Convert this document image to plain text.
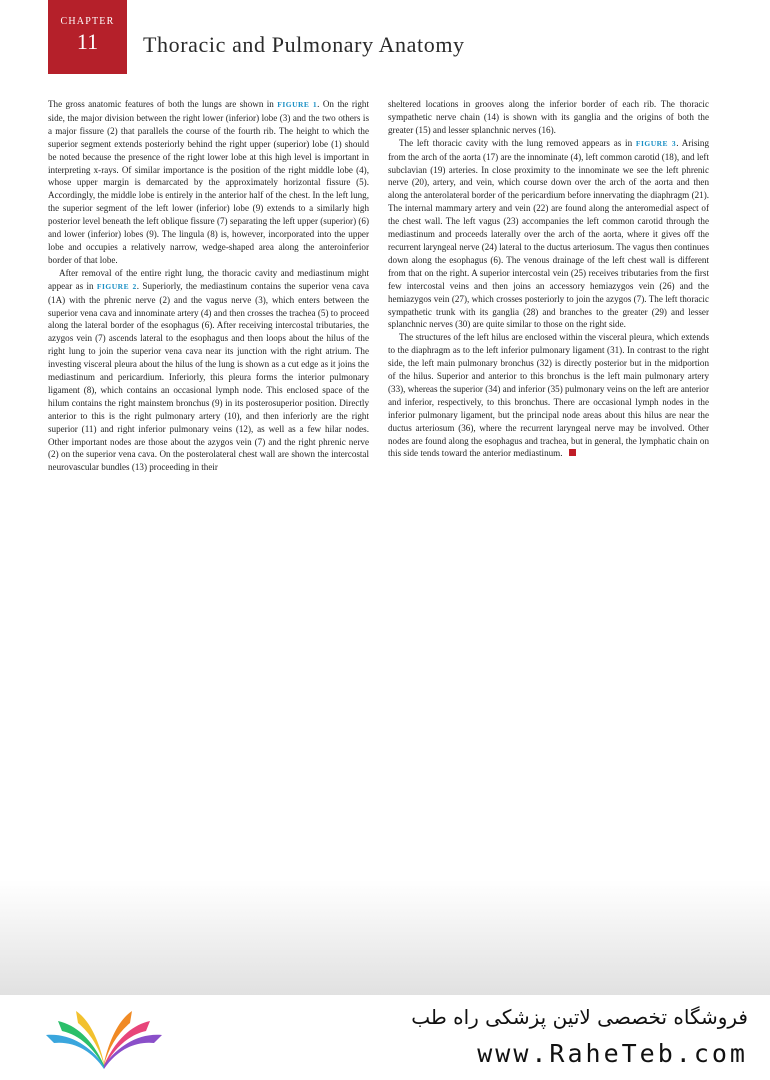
CHAPTER
11	Thoracic and Pulmonary Anatomy

The gross anatomic features of both the lungs are shown in FIGURE 1. On the right side, the major division between the right lower (inferior) lobe (3) and the two others is a major fissure (2) that parallels the course of the fourth rib. The height to which the superior segment extends posteriorly behind the right upper (superior) lobe (1) should be noted because the presence of the right lower lobe at this high level is important in interpreting x-rays. Of similar importance is the position of the right middle lobe (4), whose upper margin is demarcated by the approximately horizontal fissure (5). Accordingly, the middle lobe is entirely in the anterior half of the chest. In the left lung, the superior segment of the left lower (inferior) lobe (9) extends to a similarly high posterior level beneath the left oblique fissure (7) separating the left upper (superior) (6) and lower (inferior) lobes (9). The lingula (8) is, however, incorporated into the upper lobe and occupies a relatively narrow, wedge-shaped area along the anteroinferior border of that lobe.

After removal of the entire right lung, the thoracic cavity and mediastinum might appear as in FIGURE 2. Superiorly, the mediastinum contains the superior vena cava (1A) with the phrenic nerve (2) and the vagus nerve (3), which enters between the superior vena cava and innominate artery (4) and then crosses the trachea (5) to proceed along the lateral border of the esophagus (6). After receiving intercostal tributaries, the azygos vein (7) ascends lateral to the esophagus and then loops about the hilus of the right lung to join the superior vena cava near its junction with the right atrium. The investing visceral pleura about the hilus of the lung is shown as a cut edge as it joins the mediastinum and pericardium. Inferiorly, this pleura forms the interior pulmonary ligament (8), which contains an occasional lymph node. This enclosed space of the hilum contains the right mainstem bronchus (9) in its posterosuperior position. Directly anterior to this is the right pulmonary artery (10), and then inferiorly are the right superior (11) and right inferior pulmonary veins (12), as well as a few hilar nodes. Other important nodes are those about the azygos vein (7) and the right phrenic nerve (2) on the superior vena cava. On the posterolateral chest wall are shown the intercostal neurovascular bundles (13) proceeding in their

sheltered locations in grooves along the inferior border of each rib. The thoracic sympathetic nerve chain (14) is shown with its ganglia and the origins of both the greater (15) and lesser splanchnic nerves (16).

The left thoracic cavity with the lung removed appears as in FIGURE 3. Arising from the arch of the aorta (17) are the innominate (4), left common carotid (18), and left subclavian (19) arteries. In close proximity to the innominate we see the left phrenic nerve (20), artery, and vein, which course down over the arch of the aorta and then along the anterolateral border of the pericardium before innervating the diaphragm (21). The internal mammary artery and vein (22) are found along the anteromedial aspect of the chest wall. The left vagus (23) accompanies the left common carotid through the mediastinum and proceeds laterally over the arch of the aorta, where it gives off the recurrent laryngeal nerve (24) lateral to the ductus arteriosum. The vagus then continues down along the esophagus (6). The venous drainage of the left chest wall is different from that on the right. A superior intercostal vein (25) receives tributaries from the first few intercostal veins and then joins an accessory hemiazygos vein (26) and the hemiazygos vein (27), which crosses posteriorly to join the azygos (7). The left thoracic sympathetic trunk with its ganglia (28) and branches to the greater (29) and lesser splanchnic nerves (30) are quite similar to those on the right side.

The structures of the left hilus are enclosed within the visceral pleura, which extends to the diaphragm as to the left inferior pulmonary ligament (31). In contrast to the right side, the left main pulmonary bronchus (32) is directly posterior but in the midportion of the hilus. Superior and anterior to this bronchus is the left main pulmonary artery (33), whereas the superior (34) and inferior (35) pulmonary veins on the left are anterior and inferior, respectively, to this bronchus. There are occasional lymph nodes in the inferior pulmonary ligament, but the principal node areas about this hilus are near the ductus arteriosum (36), where the recurrent laryngeal nerve may be involved. Other nodes are found along the esophagus and trachea, but in general, the lymphatic chain on this side tends toward the anterior mediastinum.

فروشگاه تخصصی لاتین پزشکی راه طب
www.RaheTeb.com
